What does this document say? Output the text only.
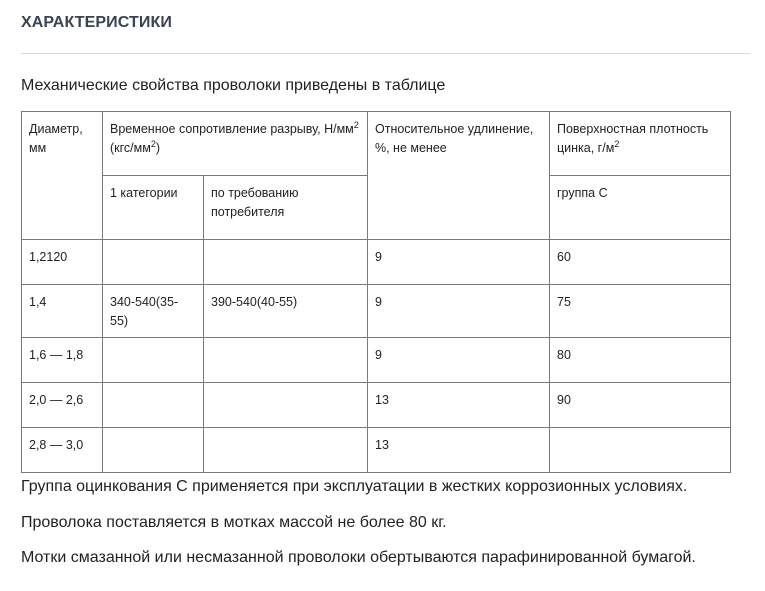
ХАРАКТЕРИСТИКИ
Механические свойства проволоки приведены в таблице
Диаметр, мм	Временное сопротивление разрыву, $Н/мм^2$ $(кгс/мм^2)$		Относительное удлинение, %, не менее	Поверхностная плотность цинка, $г/м^2$
	1 категории	по требованию потребителя		группа С
1,2120			9	60
1,4	340-540(35-55)	390-540(40-55)	9	75
1,6 — 1,8			9	80
2,0 — 2,6			13	90
2,8 — 3,0			13	
Группа оцинкования С применяется при эксплуатации в жестких коррозионных условиях.
Проволока поставляется в мотках массой не более 80 кг.
Мотки смазанной или несмазанной проволоки обертываются парафинированной бумагой.
